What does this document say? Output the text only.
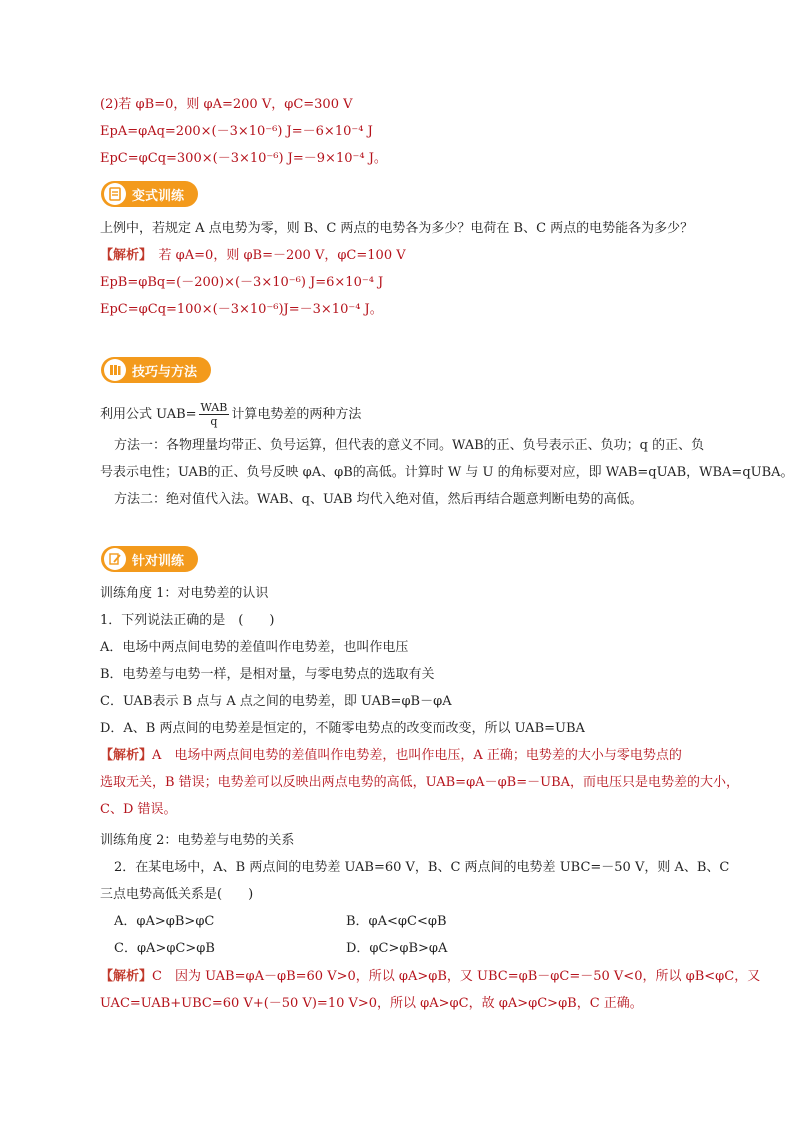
(2)若 φB=0，则 φA=200 V，φC=300 V
EpA=φAq=200×(－3×10⁻⁶) J=－6×10⁻⁴ J
EpC=φCq=300×(－3×10⁻⁶) J=－9×10⁻⁴ J。
变式训练
上例中，若规定 A 点电势为零，则 B、C 两点的电势各为多少？电荷在 B、C 两点的电势能各为多少？
【解析】　 若 φA=0，则 φB=－200 V，φC=100 V
EpB=φBq=(－200)×(－3×10⁻⁶) J=6×10⁻⁴ J
EpC=φCq=100×(－3×10⁻⁶)J=－3×10⁻⁴ J。
技巧与方法
利用公式 $UAB= \frac{\text{WAB}}{q}$ 计算电势差的两种方法
方法一：各物理量均带正、负号运算，但代表的意义不同。WAB的正、负号表示正、负功；q 的正、负
号表示电性；UAB的正、负号反映 φA、φB的高低。计算时 W 与 U 的角标要对应，即 WAB=qUAB，WBA=qUBA。
方法二：绝对值代入法。WAB、q、UAB 均代入绝对值，然后再结合题意判断电势的高低。
针对训练
训练角度 1：对电势差的认识
1．下列说法正确的是　(　　)
A．电场中两点间电势的差值叫作电势差，也叫作电压
B．电势差与电势一样，是相对量，与零电势点的选取有关
C．UAB表示 B 点与 A 点之间的电势差，即 UAB=φB－φA
D．A、B 两点间的电势差是恒定的，不随零电势点的改变而改变，所以 UAB=UBA
【解析】A　电场中两点间电势的差值叫作电势差，也叫作电压，A 正确；电势差的大小与零电势点的
选取无关，B 错误；电势差可以反映出两点电势的高低，UAB=φA－φB=－UBA，而电压只是电势差的大小，
C、D 错误。
训练角度 2：电势差与电势的关系
2．在某电场中，A、B 两点间的电势差 UAB=60 V，B、C 两点间的电势差 UBC=－50 V，则 A、B、C
三点电势高低关系是(　　)
A．φA>φB>φC	B．φA<φC<φB
C．φA>φC>φB	D．φC>φB>φA
【解析】C　因为 UAB=φA－φB=60 V>0，所以 φA>φB，又 UBC=φB－φC=－50 V<0，所以 φB<φC，又
UAC=UAB+UBC=60 V+(－50 V)=10 V>0，所以 φA>φC，故 φA>φC>φB，C 正确。
